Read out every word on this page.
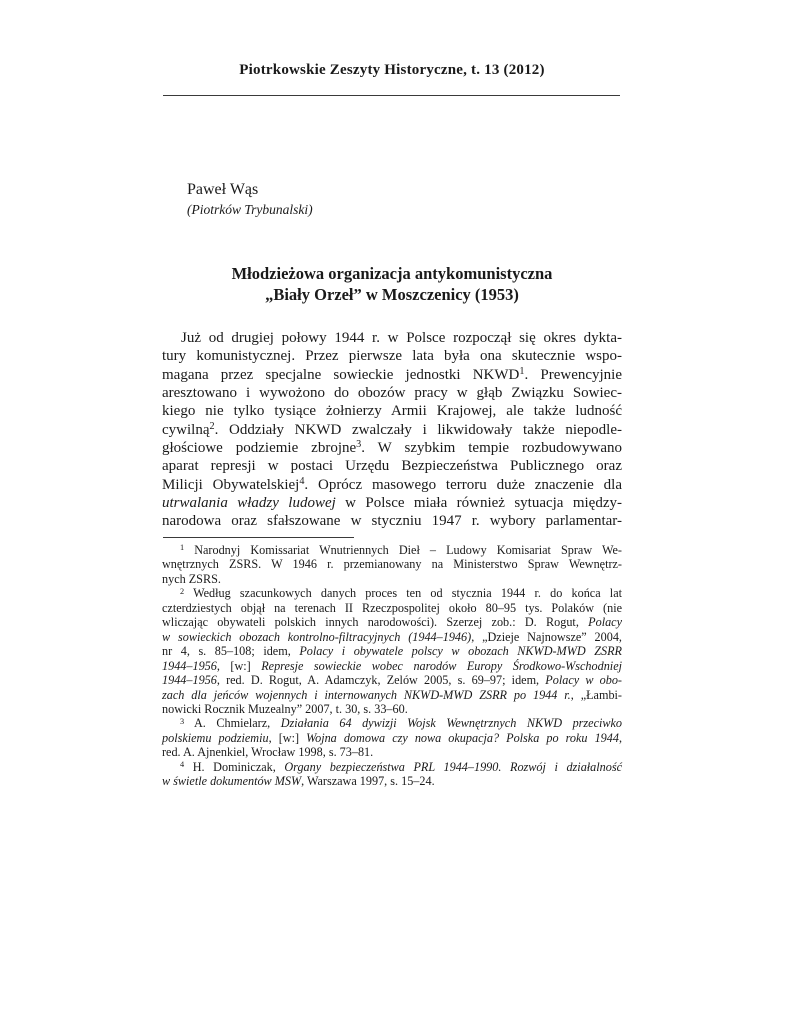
Piotrkowskie Zeszyty Historyczne, t. 13 (2012)
Paweł Wąs
(Piotrków Trybunalski)
Młodzieżowa organizacja antykomunistyczna
„Biały Orzeł” w Moszczenicy (1953)
Już od drugiej połowy 1944 r. w Polsce rozpoczął się okres dykta-
tury komunistycznej. Przez pierwsze lata była ona skutecznie wspo-
magana przez specjalne sowieckie jednostki NKWD$^1$. Prewencyjnie
aresztowano i wywożono do obozów pracy w głąb Związku Sowiec-
kiego nie tylko tysiące żołnierzy Armii Krajowej, ale także ludność
cywilną$^2$. Oddziały NKWD zwalczały i likwidowały także niepodle-
głościowe podziemie zbrojne$^3$. W szybkim tempie rozbudowywano
aparat represji w postaci Urzędu Bezpieczeństwa Publicznego oraz
Milicji Obywatelskiej$^4$. Oprócz masowego terroru duże znaczenie dla
utrwalania władzy ludowej w Polsce miała również sytuacja między-
narodowa oraz sfałszowane w styczniu 1947 r. wybory parlamentar-
$^1$ Narodnyj Komissariat Wnutriennych Dieł – Ludowy Komisariat Spraw We-
wnętrznych ZSRS. W 1946 r. przemianowany na Ministerstwo Spraw Wewnętrz-
nych ZSRS.
$^2$ Według szacunkowych danych proces ten od stycznia 1944 r. do końca lat
czterdziestych objął na terenach II Rzeczpospolitej około 80–95 tys. Polaków (nie
wliczając obywateli polskich innych narodowości). Szerzej zob.: D. Rogut, Polacy
w sowieckich obozach kontrolno-filtracyjnych (1944–1946), „Dzieje Najnowsze” 2004,
nr 4, s. 85–108; idem, Polacy i obywatele polscy w obozach NKWD-MWD ZSRR
1944–1956, [w:] Represje sowieckie wobec narodów Europy Środkowo-Wschodniej
1944–1956, red. D. Rogut, A. Adamczyk, Zelów 2005, s. 69–97; idem, Polacy w obo-
zach dla jeńców wojennych i internowanych NKWD-MWD ZSRR po 1944 r., „Łambi-
nowicki Rocznik Muzealny” 2007, t. 30, s. 33–60.
$^3$ A. Chmielarz, Działania 64 dywizji Wojsk Wewnętrznych NKWD przeciwko
polskiemu podziemiu, [w:] Wojna domowa czy nowa okupacja? Polska po roku 1944,
red. A. Ajnenkiel, Wrocław 1998, s. 73–81.
$^4$ H. Dominiczak, Organy bezpieczeństwa PRL 1944–1990. Rozwój i działalność
w świetle dokumentów MSW, Warszawa 1997, s. 15–24.
